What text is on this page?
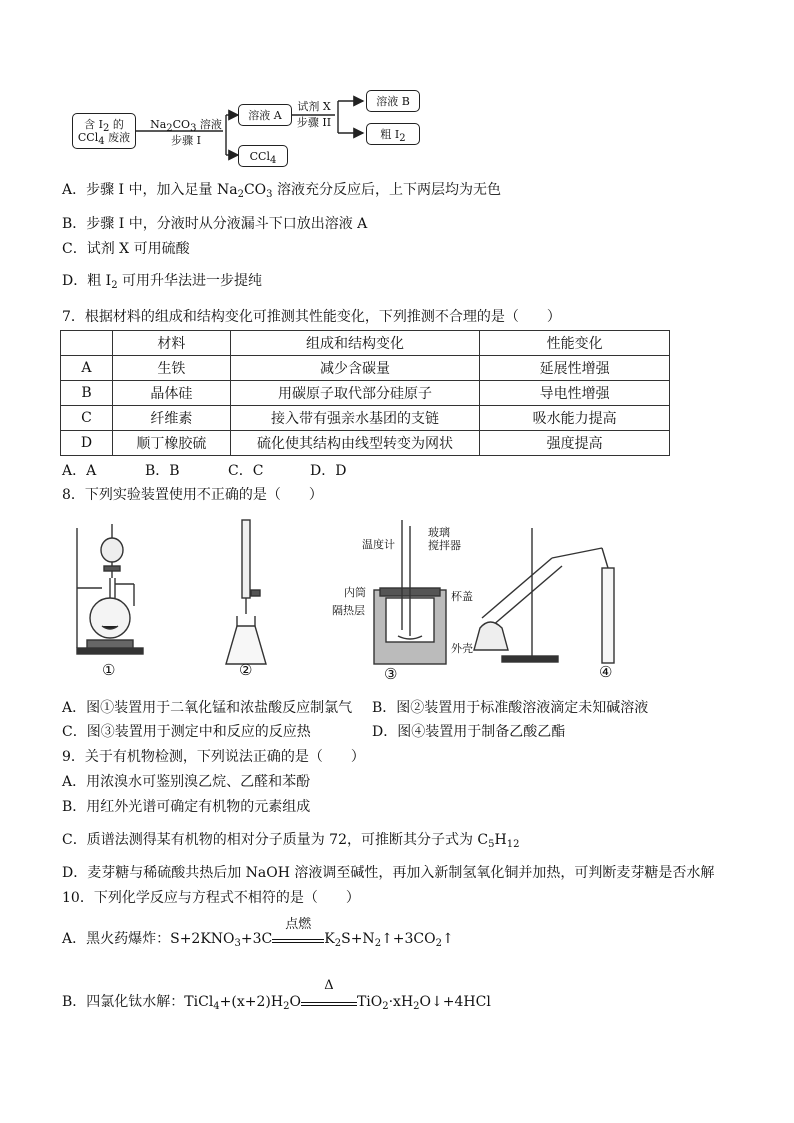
含 $I_2$ 的
CCl$_4$ 废液
$Na_2CO_3$ 溶液
步骤 I
溶液 A
CCl$_4$
试剂 X
步骤 II
溶液 B
粗 $I_2$
A．步骤 I 中，加入足量 $Na_2CO_3$ 溶液充分反应后，上下两层均为无色
B．步骤 I 中，分液时从分液漏斗下口放出溶液 A
C．试剂 X 可用硫酸
D．粗 $I_2$ 可用升华法进一步提纯
7．根据材料的组成和结构变化可推测其性能变化，下列推测不合理的是（　　）
	材料	组成和结构变化	性能变化
A	生铁	减少含碳量	延展性增强
B	晶体硅	用碳原子取代部分硅原子	导电性增强
C	纤维素	接入带有强亲水基团的支链	吸水能力提高
D	顺丁橡胶硫	硫化使其结构由线型转变为网状	强度提高
A．A	B．B	C．C	D．D
8．下列实验装置使用不正确的是（　　）
①	②	③	④
温度计
玻璃
搅拌器
内筒
隔热层
杯盖
外壳
A．图①装置用于二氧化锰和浓盐酸反应制氯气 B．图②装置用于标准酸溶液滴定未知碱溶液
C．图③装置用于测定中和反应的反应热	D．图④装置用于制备乙酸乙酯
9．关于有机物检测，下列说法正确的是（　　）
A．用浓溴水可鉴别溴乙烷、乙醛和苯酚
B．用红外光谱可确定有机物的元素组成
C．质谱法测得某有机物的相对分子质量为 72，可推断其分子式为 $C_5H_{12}$
D．麦芽糖与稀硫酸共热后加 NaOH 溶液调至碱性，再加入新制氢氧化铜并加热，可判断麦芽糖是否水解
10．下列化学反应与方程式不相符的是（　　）
A．黑火药爆炸：$S+2KNO_3+3C$
点燃
$K_2S+N_2↑+3CO_2↑$
B．四氯化钛水解：$TiCl_4+(x+2)H_2O$
Δ
$TiO_2\cdot xH_2O↓+4HCl$
